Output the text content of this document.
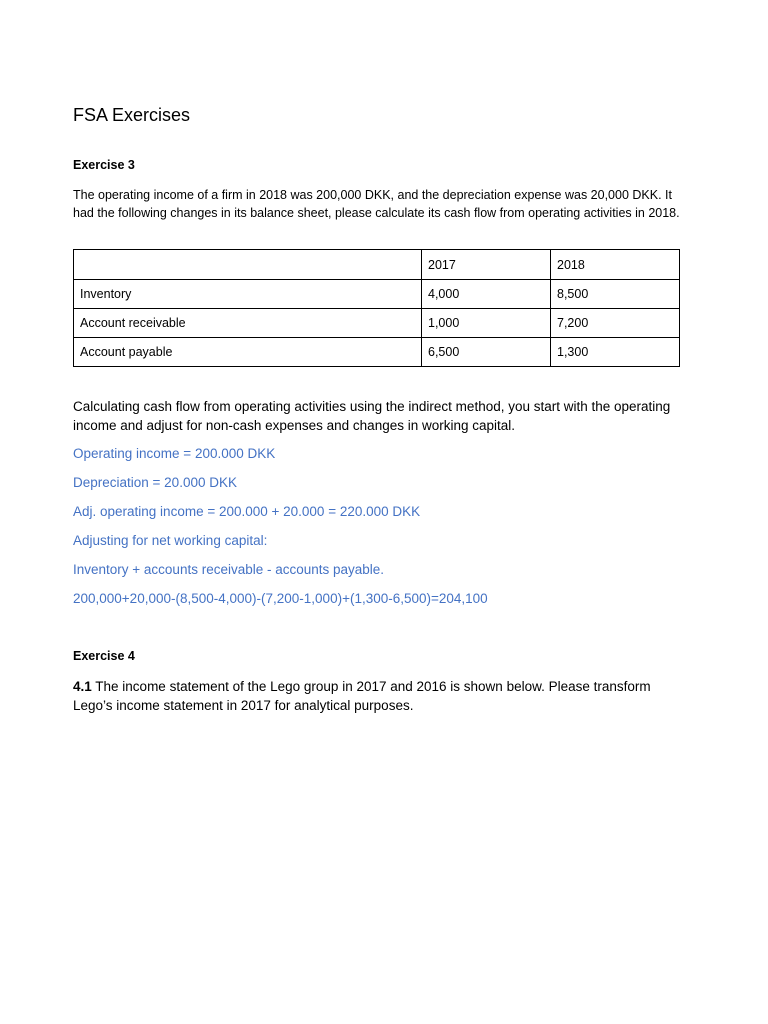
FSA Exercises
Exercise 3

The operating income of a firm in 2018 was 200,000 DKK, and the depreciation expense was 20,000 DKK. It had the following changes in its balance sheet, please calculate its cash flow from operating activities in 2018.

	2017	2018
Inventory	4,000	8,500
Account receivable	1,000	7,200
Account payable	6,500	1,300

Calculating cash flow from operating activities using the indirect method, you start with the operating income and adjust for non-cash expenses and changes in working capital.

Operating income = 200.000 DKK

Depreciation = 20.000 DKK

Adj. operating income = 200.000 + 20.000 = 220.000 DKK

Adjusting for net working capital:

Inventory + accounts receivable - accounts payable.

200,000+20,000-(8,500-4,000)-(7,200-1,000)+(1,300-6,500)=204,100

Exercise 4

4.1 The income statement of the Lego group in 2017 and 2016 is shown below. Please transform Lego’s income statement in 2017 for analytical purposes.
